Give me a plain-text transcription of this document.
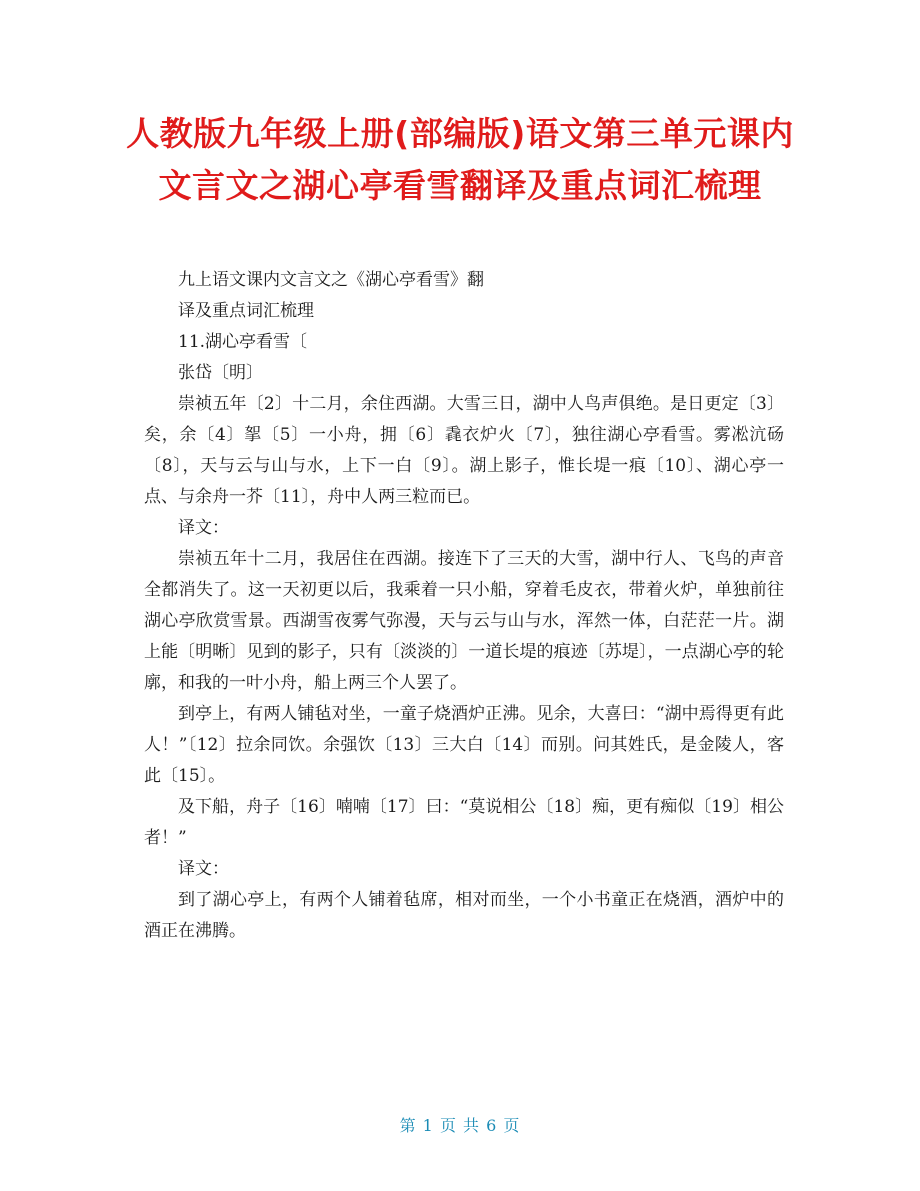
人教版九年级上册(部编版)语文第三单元课内
文言文之湖心亭看雪翻译及重点词汇梳理

九上语文课内文言文之《湖心亭看雪》翻

译及重点词汇梳理

11.湖心亭看雪〔

张岱〔明〕

崇祯五年〔2〕十二月，余住西湖。大雪三日，湖中人鸟声俱绝。是日更定〔3〕矣，余〔4〕挐〔5〕一小舟，拥〔6〕毳衣炉火〔7〕，独往湖心亭看雪。雾凇沆砀〔8〕，天与云与山与水，上下一白〔9〕。湖上影子，惟长堤一痕〔10〕、湖心亭一点、与余舟一芥〔11〕，舟中人两三粒而已。

译文：

崇祯五年十二月，我居住在西湖。接连下了三天的大雪，湖中行人、飞鸟的声音全都消失了。这一天初更以后，我乘着一只小船，穿着毛皮衣，带着火炉，单独前往湖心亭欣赏雪景。西湖雪夜雾气弥漫，天与云与山与水，浑然一体，白茫茫一片。湖上能〔明晰〕见到的影子，只有〔淡淡的〕一道长堤的痕迹〔苏堤〕，一点湖心亭的轮廓，和我的一叶小舟，船上两三个人罢了。

到亭上，有两人铺毡对坐，一童子烧酒炉正沸。见余，大喜曰：“湖中焉得更有此人！”〔12〕拉余同饮。余强饮〔13〕三大白〔14〕而别。问其姓氏，是金陵人，客此〔15〕。

及下船，舟子〔16〕喃喃〔17〕曰：“莫说相公〔18〕痴，更有痴似〔19〕相公者！”

译文：

到了湖心亭上，有两个人铺着毡席，相对而坐，一个小书童正在烧酒，酒炉中的酒正在沸腾。

第 1 页 共 6 页
